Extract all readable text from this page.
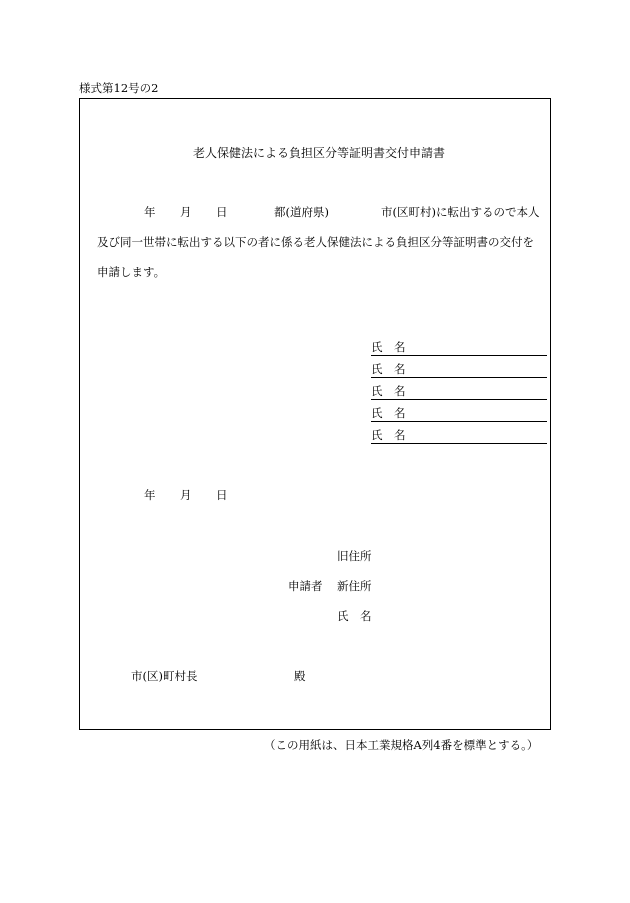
様式第12号の2
老人保健法による負担区分等証明書交付申請書
年 月 日	都(道府県)	市(区町村)に転出するので本人
及び同一世帯に転出する以下の者に係る老人保健法による負担区分等証明書の交付を
申請します。
氏　名
氏　名
氏　名
氏　名
氏　名
年 月 日
旧住所
申請者 新住所
氏　名
市(区)町村長	殿
（この用紙は、日本工業規格A列4番を標準とする。）
